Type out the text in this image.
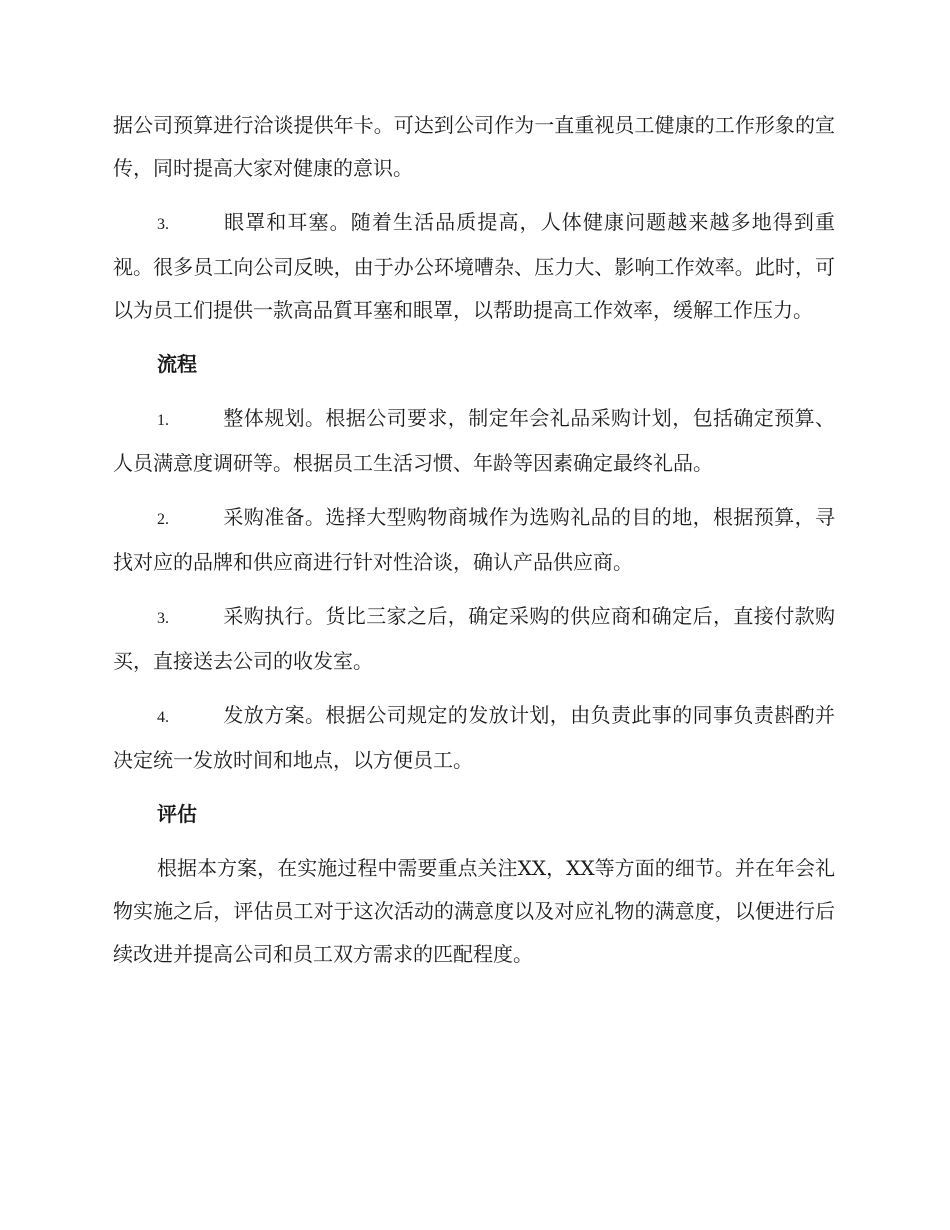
据公司预算进行洽谈提供年卡。可达到公司作为一直重视员工健康的工作形象的宣传，同时提高大家对健康的意识。

3.	眼罩和耳塞。随着生活品质提高，人体健康问题越来越多地得到重视。很多员工向公司反映，由于办公环境嘈杂、压力大、影响工作效率。此时，可以为员工们提供一款高品質耳塞和眼罩，以帮助提高工作效率，缓解工作压力。

流程

1.	整体规划。根据公司要求，制定年会礼品采购计划，包括确定预算、人员满意度调研等。根据员工生活习惯、年龄等因素确定最终礼品。

2.	采购准备。选择大型购物商城作为选购礼品的目的地，根据预算，寻找对应的品牌和供应商进行针对性洽谈，确认产品供应商。

3.	采购执行。货比三家之后，确定采购的供应商和确定后，直接付款购买，直接送去公司的收发室。

4.	发放方案。根据公司规定的发放计划，由负责此事的同事负责斟酌并决定统一发放时间和地点，以方便员工。

评估

根据本方案，在实施过程中需要重点关注XX，XX等方面的细节。并在年会礼物实施之后，评估员工对于这次活动的满意度以及对应礼物的满意度，以便进行后续改进并提高公司和员工双方需求的匹配程度。
